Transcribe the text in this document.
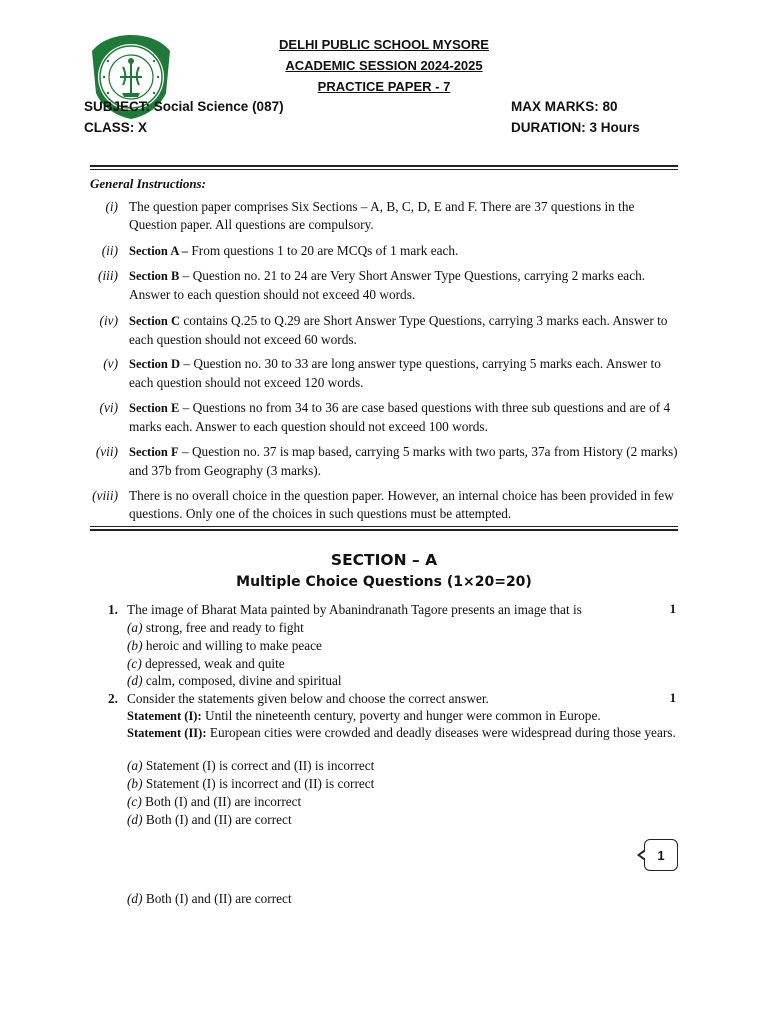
DELHI PUBLIC SCHOOL MYSORE
ACADEMIC SESSION 2024-2025
PRACTICE PAPER - 7
SUBJECT: Social Science (087)
CLASS: X
MAX MARKS: 80
DURATION: 3 Hours
General Instructions:
(i) The question paper comprises Six Sections – A, B, C, D, E and F. There are 37 questions in the Question paper. All questions are compulsory.
(ii) Section A – From questions 1 to 20 are MCQs of 1 mark each.
(iii) Section B – Question no. 21 to 24 are Very Short Answer Type Questions, carrying 2 marks each. Answer to each question should not exceed 40 words.
(iv) Section C contains Q.25 to Q.29 are Short Answer Type Questions, carrying 3 marks each. Answer to each question should not exceed 60 words.
(v) Section D – Question no. 30 to 33 are long answer type questions, carrying 5 marks each. Answer to each question should not exceed 120 words.
(vi) Section E – Questions no from 34 to 36 are case based questions with three sub questions and are of 4 marks each. Answer to each question should not exceed 100 words.
(vii) Section F – Question no. 37 is map based, carrying 5 marks with two parts, 37a from History (2 marks) and 37b from Geography (3 marks).
(viii) There is no overall choice in the question paper. However, an internal choice has been provided in few questions. Only one of the choices in such questions must be attempted.
SECTION – A
Multiple Choice Questions (1×20=20)
1. The image of Bharat Mata painted by Abanindranath Tagore presents an image that is	1
(a) strong, free and ready to fight
(b) heroic and willing to make peace
(c) depressed, weak and quite
(d) calm, composed, divine and spiritual
2. Consider the statements given below and choose the correct answer.	1
Statement (I): Until the nineteenth century, poverty and hunger were common in Europe.
Statement (II): European cities were crowded and deadly diseases were widespread during those years.
(a) Statement (I) is correct and (II) is incorrect
(b) Statement (I) is incorrect and (II) is correct
(c) Both (I) and (II) are incorrect
(d) Both (I) and (II) are correct
1
(d) Both (I) and (II) are correct
